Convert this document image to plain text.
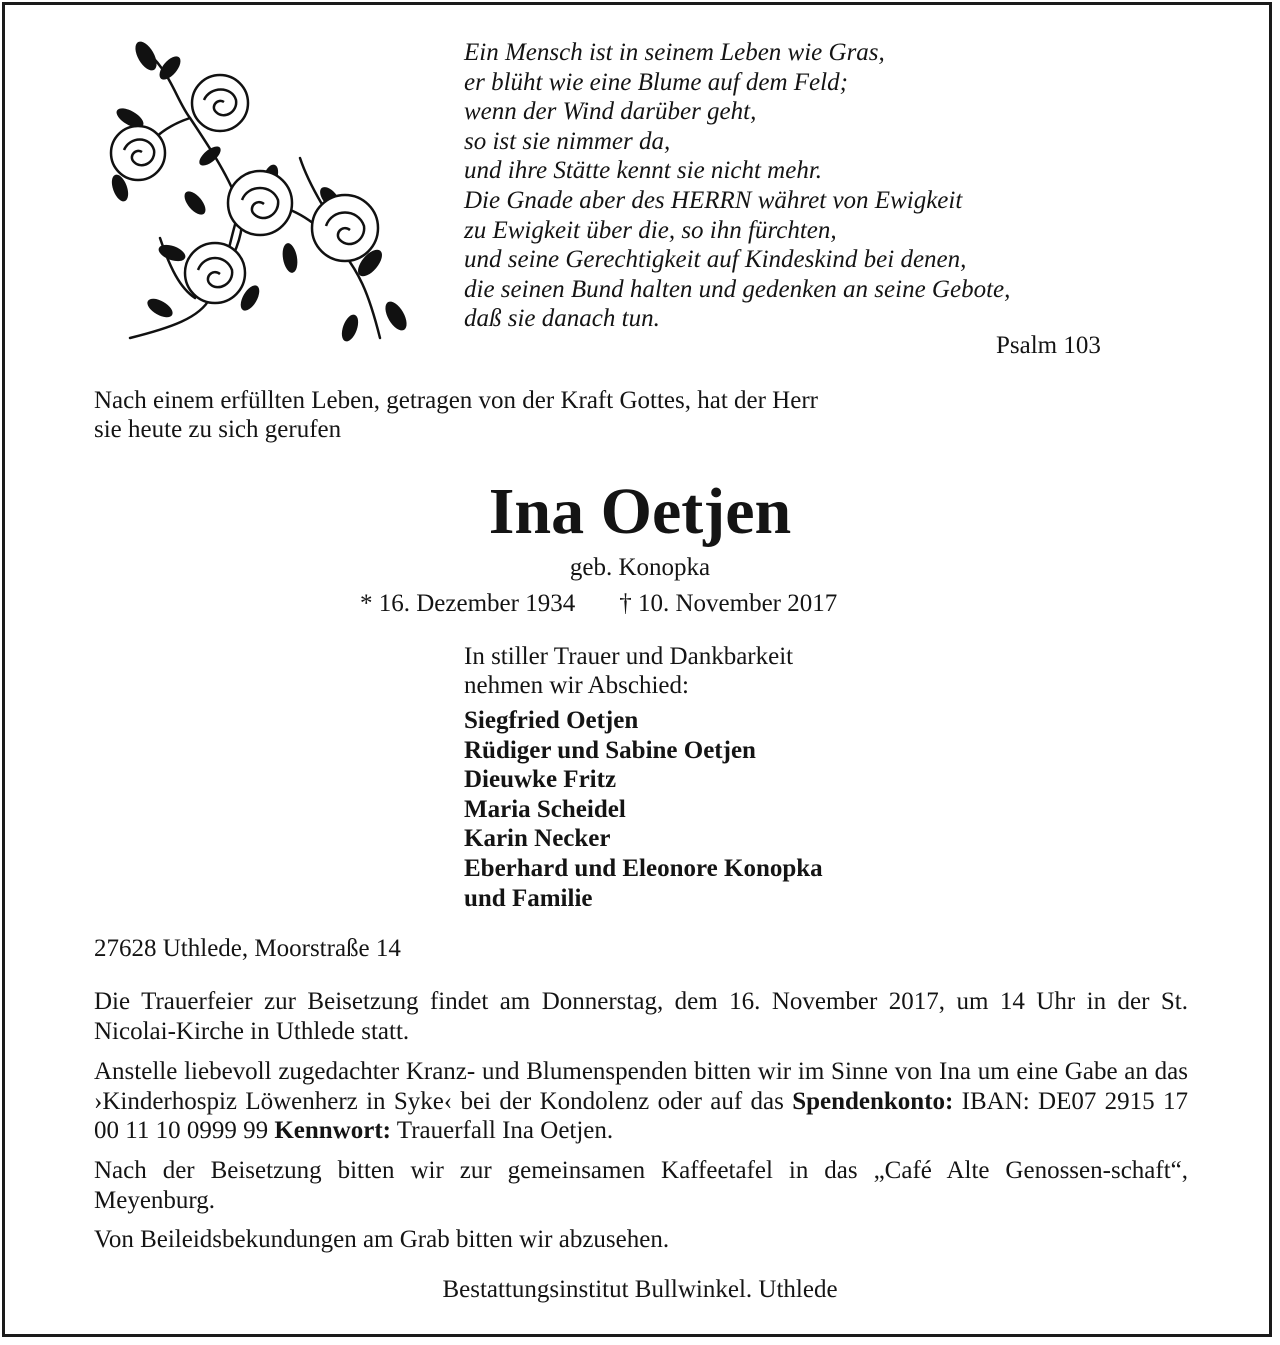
Ein Mensch ist in seinem Leben wie Gras,
er blüht wie eine Blume auf dem Feld;
wenn der Wind darüber geht,
so ist sie nimmer da,
und ihre Stätte kennt sie nicht mehr.
Die Gnade aber des HERRN währet von Ewigkeit
zu Ewigkeit über die, so ihn fürchten,
und seine Gerechtigkeit auf Kindeskind bei denen,
die seinen Bund halten und gedenken an seine Gebote,
daß sie danach tun.
Psalm 103
Nach einem erfüllten Leben, getragen von der Kraft Gottes, hat der Herr
sie heute zu sich gerufen
Ina Oetjen
geb. Konopka
* 16. Dezember 1934 † 10. November 2017
In stiller Trauer und Dankbarkeit
nehmen wir Abschied:
Siegfried Oetjen
Rüdiger und Sabine Oetjen
Dieuwke Fritz
Maria Scheidel
Karin Necker
Eberhard und Eleonore Konopka
und Familie
27628 Uthlede, Moorstraße 14
Die Trauerfeier zur Beisetzung findet am Donnerstag, dem 16. November 2017, um 14 Uhr in der St. Nicolai-Kirche in Uthlede statt.
Anstelle liebevoll zugedachter Kranz- und Blumenspenden bitten wir im Sinne von Ina um eine Gabe an das ›Kinderhospiz Löwenherz in Syke‹ bei der Kondolenz oder auf das Spendenkonto: IBAN: DE07 2915 17 00 11 10 0999 99 Kennwort: Trauerfall Ina Oetjen.
Nach der Beisetzung bitten wir zur gemeinsamen Kaffeetafel in das „Café Alte Genossen-schaft“, Meyenburg.
Von Beileidsbekundungen am Grab bitten wir abzusehen.
Bestattungsinstitut Bullwinkel. Uthlede
